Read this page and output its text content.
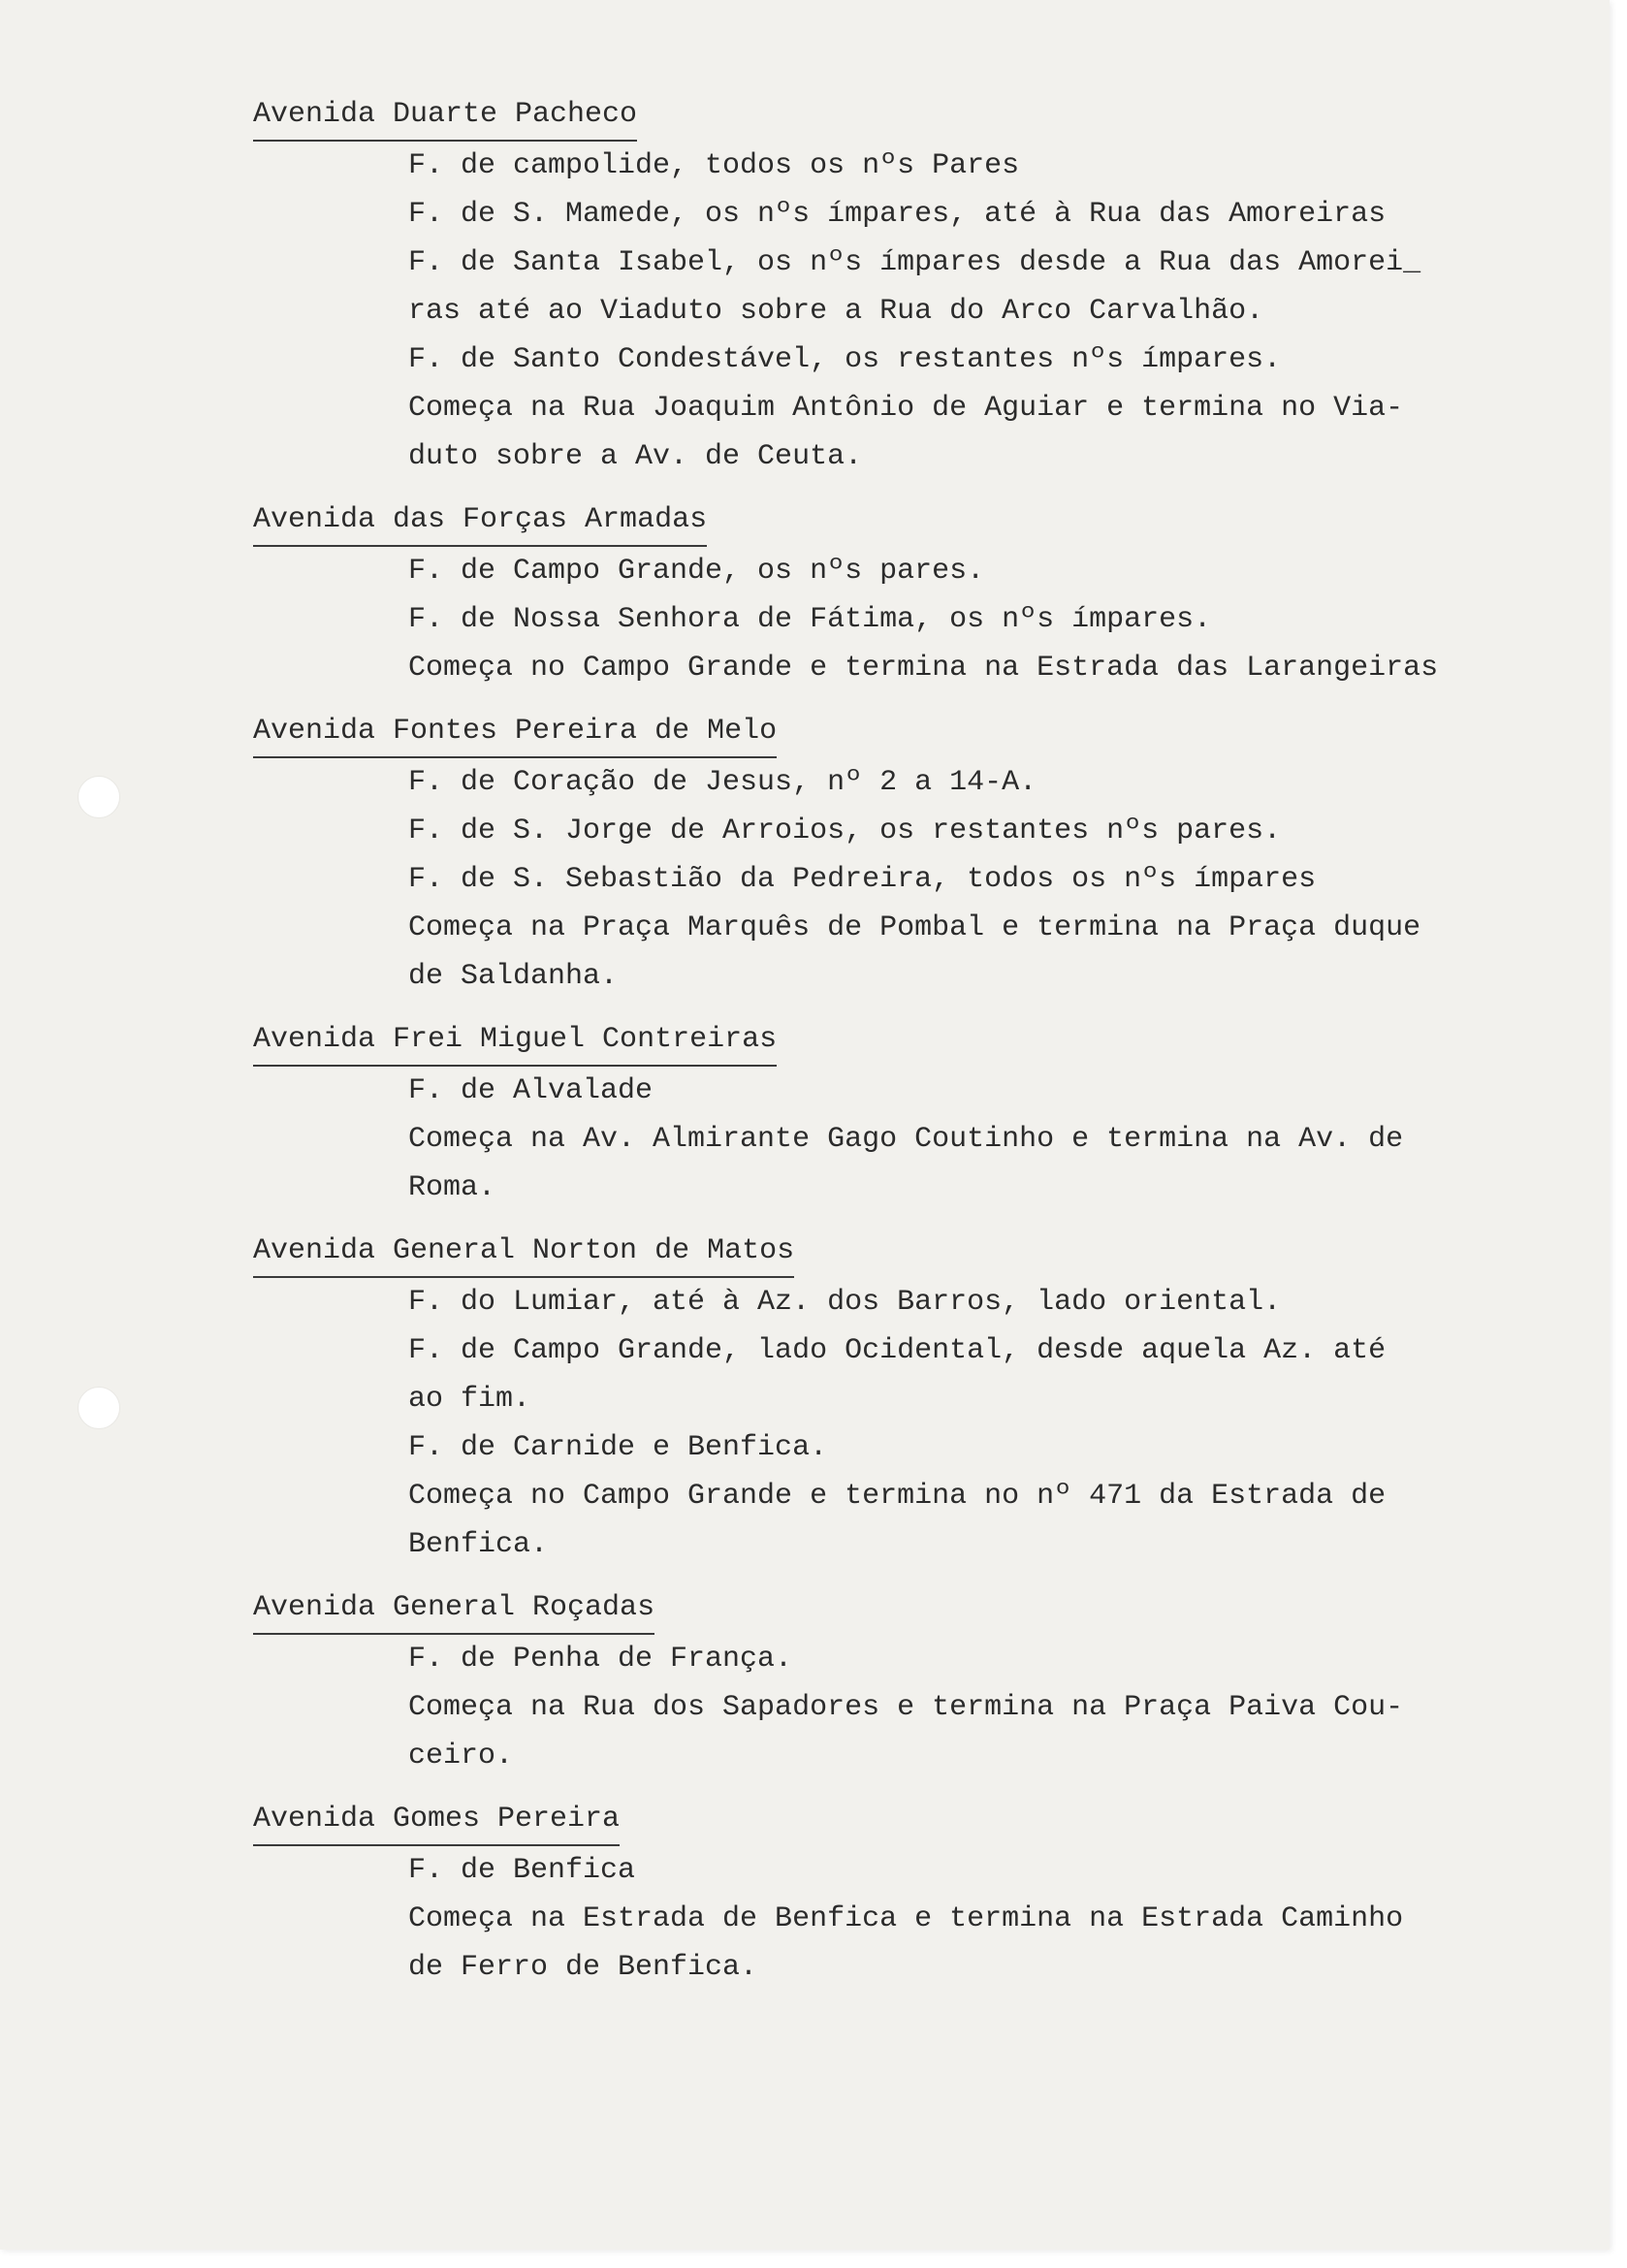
Avenida Duarte Pacheco
F. de campolide, todos os nºs Pares
F. de S. Mamede, os nºs ímpares, até à Rua das Amoreiras
F. de Santa Isabel, os nºs ímpares desde a Rua das Amorei_
ras até ao Viaduto sobre a Rua do Arco Carvalhão.
F. de Santo Condestável, os restantes nºs ímpares.
Começa na Rua Joaquim Antônio de Aguiar e termina no Via-
duto sobre a Av. de Ceuta.
Avenida das Forças Armadas
F. de Campo Grande, os nºs pares.
F. de Nossa Senhora de Fátima, os nºs ímpares.
Começa no Campo Grande e termina na Estrada das Larangeiras
Avenida Fontes Pereira de Melo
F. de Coração de Jesus, nº 2 a 14-A.
F. de S. Jorge de Arroios, os restantes nºs pares.
F. de S. Sebastião da Pedreira, todos os nºs ímpares
Começa na Praça Marquês de Pombal e termina na Praça duque
de Saldanha.
Avenida Frei Miguel Contreiras
F. de Alvalade
Começa na Av. Almirante Gago Coutinho e termina na Av. de
Roma.
Avenida General Norton de Matos
F. do Lumiar, até à Az. dos Barros, lado oriental.
F. de Campo Grande, lado Ocidental, desde aquela Az. até
ao fim.
F. de Carnide e Benfica.
Começa no Campo Grande e termina no nº 471 da Estrada de
Benfica.
Avenida General Roçadas
F. de Penha de França.
Começa na Rua dos Sapadores e termina na Praça Paiva Cou-
ceiro.
Avenida Gomes Pereira
F. de Benfica
Começa na Estrada de Benfica e termina na Estrada Caminho
de Ferro de Benfica.
